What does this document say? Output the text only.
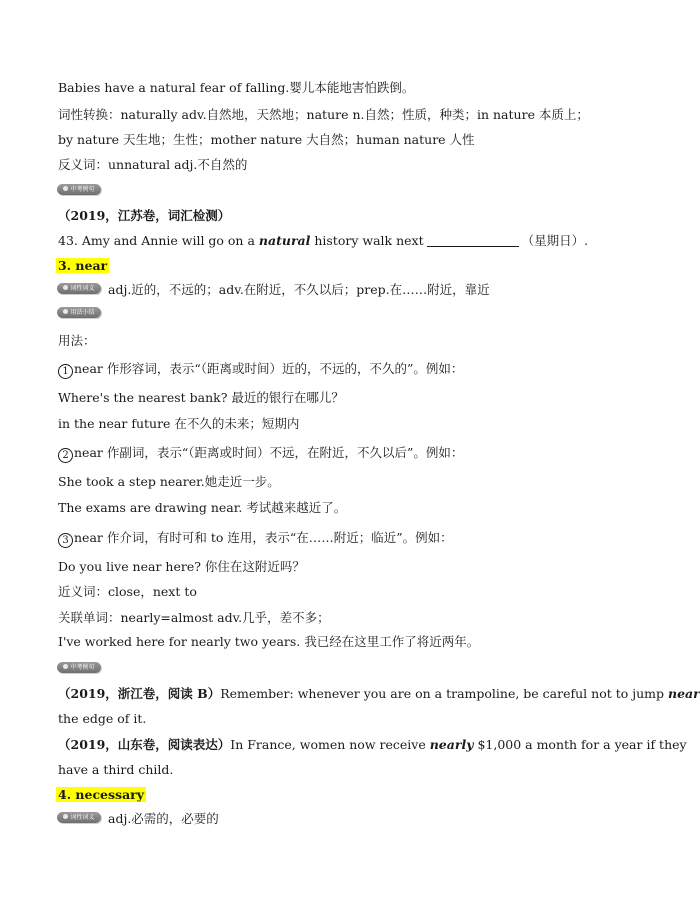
Babies have a natural fear of falling.婴儿本能地害怕跌倒。
词性转换：naturally adv.自然地，天然地；nature n.自然；性质，种类；in nature 本质上；
by nature 天生地；生性；mother nature 大自然；human nature 人性
反义词：unnatural adj.不自然的
中考例句
（2019，江苏卷，词汇检测）
43. Amy and Annie will go on a natural history walk next	（星期日）.
3. near
词性词义	adj.近的，不远的；adv.在附近，不久以后；prep.在……附近，靠近
用法小结
用法：
1 near 作形容词，表示“（距离或时间）近的，不远的，不久的”。例如：
Where's the nearest bank? 最近的银行在哪儿？
in the near future 在不久的未来；短期内
2 near 作副词，表示“（距离或时间）不远，在附近，不久以后”。例如：
She took a step nearer.她走近一步。
The exams are drawing near. 考试越来越近了。
3 near 作介词，有时可和 to 连用，表示“在……附近；临近”。例如：
Do you live near here? 你住在这附近吗？
近义词：close，next to
关联单词：nearly=almost adv.几乎，差不多；
I've worked here for nearly two years. 我已经在这里工作了将近两年。
中考例句
（2019，浙江卷，阅读 B）Remember: whenever you are on a trampoline, be careful not to jump near
the edge of it.
（2019，山东卷，阅读表达）In France, women now receive nearly $1,000 a month for a year if they
have a third child.
4. necessary
词性词义	adj.必需的，必要的
